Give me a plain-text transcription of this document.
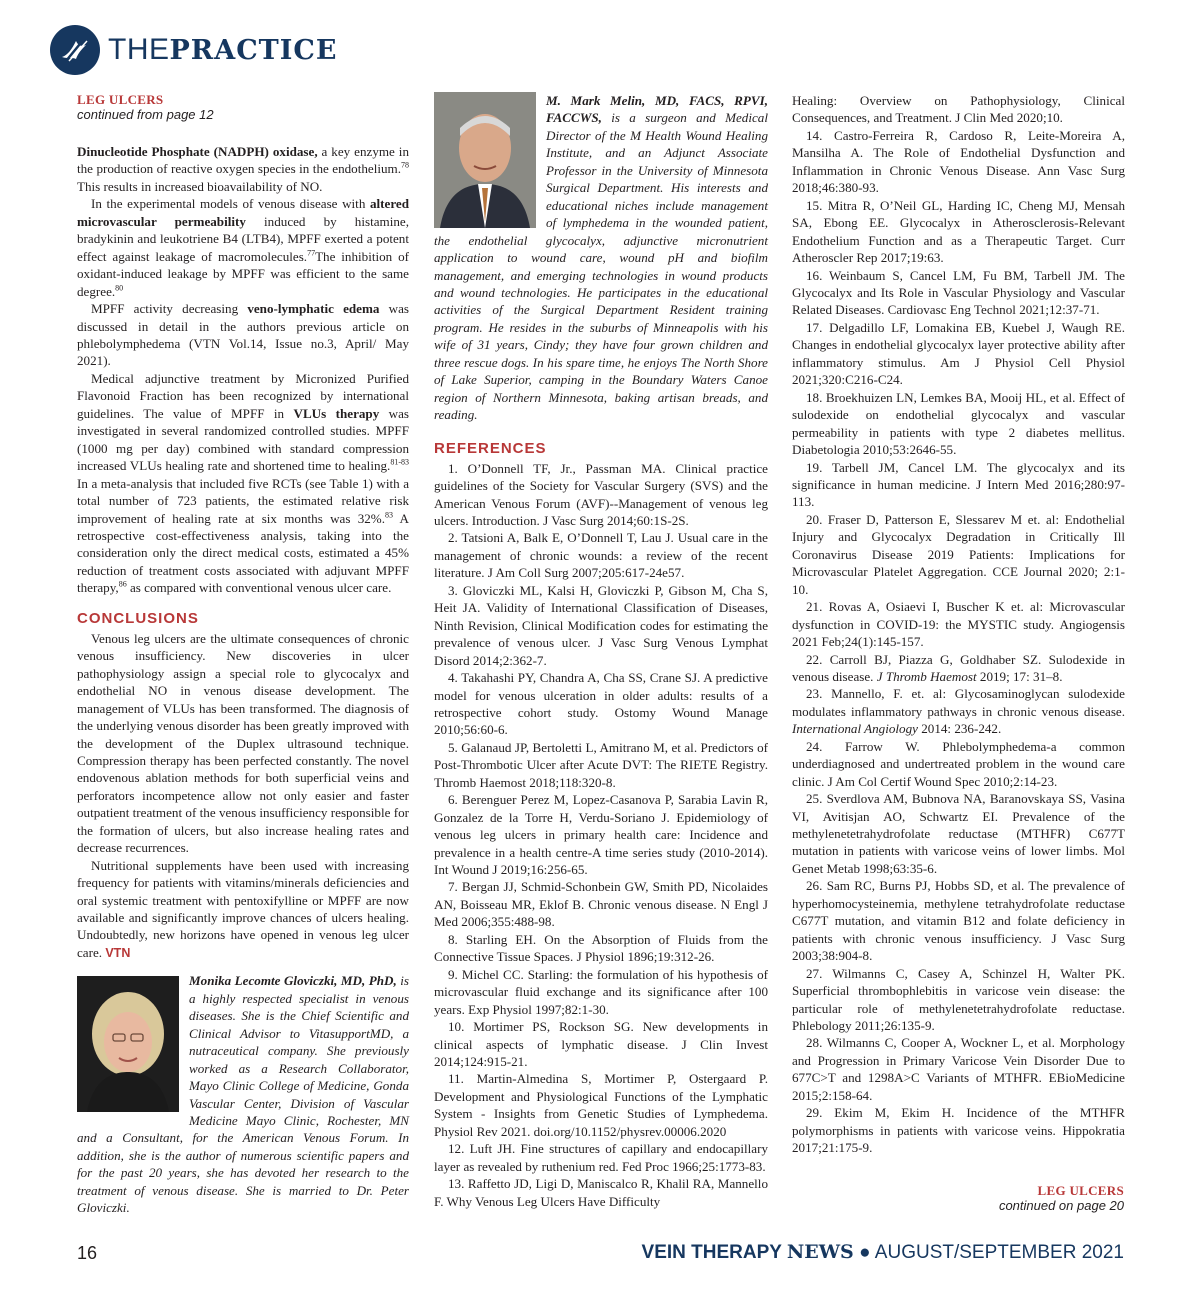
THEPRACTICE
LEG ULCERS
continued from page 12

Dinucleotide Phosphate (NADPH) oxidase, a key enzyme in the production of reactive oxygen species in the endothelium.$^{78}$ This results in increased bioavailability of NO.

In the experimental models of venous disease with altered microvascular permeability induced by histamine, bradykinin and leukotriene B4 (LTB4), MPFF exerted a potent effect against leakage of macromolecules.$^{77}$The inhibition of oxidant-induced leakage by MPFF was efficient to the same degree.$^{80}$

MPFF activity decreasing veno-lymphatic edema was discussed in detail in the authors previous article on phlebolymphedema (VTN Vol.14, Issue no.3, April/ May 2021).

Medical adjunctive treatment by Micronized Purified Flavonoid Fraction has been recognized by international guidelines. The value of MPFF in VLUs therapy was investigated in several randomized controlled studies. MPFF (1000 mg per day) combined with standard compression increased VLUs healing rate and shortened time to healing.$^{81-83}$ In a meta-analysis that included five RCTs (see Table 1) with a total number of 723 patients, the estimated relative risk improvement of healing rate at six months was 32%.$^{83}$ A retrospective cost-effectiveness analysis, taking into the consideration only the direct medical costs, estimated a 45% reduction of treatment costs associated with adjuvant MPFF therapy,$^{86}$ as compared with conventional venous ulcer care.

CONCLUSIONS

Venous leg ulcers are the ultimate consequences of chronic venous insufficiency. New discoveries in ulcer pathophysiology assign a special role to glycocalyx and endothelial NO in venous disease development. The management of VLUs has been transformed. The diagnosis of the underlying venous disorder has been greatly improved with the development of the Duplex ultrasound technique. Compression therapy has been perfected constantly. The novel endovenous ablation methods for both superficial veins and perforators incompetence allow not only easier and faster outpatient treatment of the venous insufficiency responsible for the formation of ulcers, but also increase healing rates and decrease recurrences.

Nutritional supplements have been used with increasing frequency for patients with vitamins/minerals deficiencies and oral systemic treatment with pentoxifylline or MPFF are now available and significantly improve chances of ulcers healing. Undoubtedly, new horizons have opened in venous leg ulcer care. VTN

Monika Lecomte Gloviczki, MD, PhD, is a highly respected specialist in venous diseases. She is the Chief Scientific and Clinical Advisor to VitasupportMD, a nutraceutical company. She previously worked as a Research Collaborator, Mayo Clinic College of Medicine, Gonda Vascular Center, Division of Vascular Medicine Mayo Clinic, Rochester, MN and a Consultant, for the American Venous Forum. In addition, she is the author of numerous scientific papers and for the past 20 years, she has devoted her research to the treatment of venous disease. She is married to Dr. Peter Gloviczki.
M. Mark Melin, MD, FACS, RPVI, FACCWS, is a surgeon and Medical Director of the M Health Wound Healing Institute, and an Adjunct Associate Professor in the University of Minnesota Surgical Department. His interests and educational niches include management of lymphedema in the wounded patient, the endothelial glycocalyx, adjunctive micronutrient application to wound care, wound pH and biofilm management, and emerging technologies in wound products and wound technologies. He participates in the educational activities of the Surgical Department Resident training program. He resides in the suburbs of Minneapolis with his wife of 31 years, Cindy; they have four grown children and three rescue dogs. In his spare time, he enjoys The North Shore of Lake Superior, camping in the Boundary Waters Canoe region of Northern Minnesota, baking artisan breads, and reading.
REFERENCES

1. O’Donnell TF, Jr., Passman MA. Clinical practice guidelines of the Society for Vascular Surgery (SVS) and the American Venous Forum (AVF)--Management of venous leg ulcers. Introduction. J Vasc Surg 2014;60:1S-2S.

2. Tatsioni A, Balk E, O’Donnell T, Lau J. Usual care in the management of chronic wounds: a review of the recent literature. J Am Coll Surg 2007;205:617-24e57.

3. Gloviczki ML, Kalsi H, Gloviczki P, Gibson M, Cha S, Heit JA. Validity of International Classification of Diseases, Ninth Revision, Clinical Modification codes for estimating the prevalence of venous ulcer. J Vasc Surg Venous Lymphat Disord 2014;2:362-7.

4. Takahashi PY, Chandra A, Cha SS, Crane SJ. A predictive model for venous ulceration in older adults: results of a retrospective cohort study. Ostomy Wound Manage 2010;56:60-6.

5. Galanaud JP, Bertoletti L, Amitrano M, et al. Predictors of Post-Thrombotic Ulcer after Acute DVT: The RIETE Registry. Thromb Haemost 2018;118:320-8.

6. Berenguer Perez M, Lopez-Casanova P, Sarabia Lavin R, Gonzalez de la Torre H, Verdu-Soriano J. Epidemiology of venous leg ulcers in primary health care: Incidence and prevalence in a health centre-A time series study (2010-2014). Int Wound J 2019;16:256-65.

7. Bergan JJ, Schmid-Schonbein GW, Smith PD, Nicolaides AN, Boisseau MR, Eklof B. Chronic venous disease. N Engl J Med 2006;355:488-98.

8. Starling EH. On the Absorption of Fluids from the Connective Tissue Spaces. J Physiol 1896;19:312-26.

9. Michel CC. Starling: the formulation of his hypothesis of microvascular fluid exchange and its significance after 100 years. Exp Physiol 1997;82:1-30.

10. Mortimer PS, Rockson SG. New developments in clinical aspects of lymphatic disease. J Clin Invest 2014;124:915-21.

11. Martin-Almedina S, Mortimer P, Ostergaard P. Development and Physiological Functions of the Lymphatic System - Insights from Genetic Studies of Lymphedema. Physiol Rev 2021. doi.org/10.1152/physrev.00006.2020

12. Luft JH. Fine structures of capillary and endocapillary layer as revealed by ruthenium red. Fed Proc 1966;25:1773-83.

13. Raffetto JD, Ligi D, Maniscalco R, Khalil RA, Mannello F. Why Venous Leg Ulcers Have Difficulty

Healing: Overview on Pathophysiology, Clinical Consequences, and Treatment. J Clin Med 2020;10.

14. Castro-Ferreira R, Cardoso R, Leite-Moreira A, Mansilha A. The Role of Endothelial Dysfunction and Inflammation in Chronic Venous Disease. Ann Vasc Surg 2018;46:380-93.

15. Mitra R, O’Neil GL, Harding IC, Cheng MJ, Mensah SA, Ebong EE. Glycocalyx in Atherosclerosis-Relevant Endothelium Function and as a Therapeutic Target. Curr Atheroscler Rep 2017;19:63.

16. Weinbaum S, Cancel LM, Fu BM, Tarbell JM. The Glycocalyx and Its Role in Vascular Physiology and Vascular Related Diseases. Cardiovasc Eng Technol 2021;12:37-71.

17. Delgadillo LF, Lomakina EB, Kuebel J, Waugh RE. Changes in endothelial glycocalyx layer protective ability after inflammatory stimulus. Am J Physiol Cell Physiol 2021;320:C216-C24.

18. Broekhuizen LN, Lemkes BA, Mooij HL, et al. Effect of sulodexide on endothelial glycocalyx and vascular permeability in patients with type 2 diabetes mellitus. Diabetologia 2010;53:2646-55.

19. Tarbell JM, Cancel LM. The glycocalyx and its significance in human medicine. J Intern Med 2016;280:97-113.

20. Fraser D, Patterson E, Slessarev M et. al: Endothelial Injury and Glycocalyx Degradation in Critically Ill Coronavirus Disease 2019 Patients: Implications for Microvascular Platelet Aggregation. CCE Journal 2020; 2:1-10.

21. Rovas A, Osiaevi I, Buscher K et. al: Microvascular dysfunction in COVID-19: the MYSTIC study. Angiogensis 2021 Feb;24(1):145-157.

22. Carroll BJ, Piazza G, Goldhaber SZ. Sulodexide in venous disease. J Thromb Haemost 2019; 17: 31–8.

23. Mannello, F. et. al: Glycosaminoglycan sulodexide modulates inflammatory pathways in chronic venous disease. International Angiology 2014: 236-242.

24. Farrow W. Phlebolymphedema-a common underdiagnosed and undertreated problem in the wound care clinic. J Am Col Certif Wound Spec 2010;2:14-23.

25. Sverdlova AM, Bubnova NA, Baranovskaya SS, Vasina VI, Avitisjan AO, Schwartz EI. Prevalence of the methylenetetrahydrofolate reductase (MTHFR) C677T mutation in patients with varicose veins of lower limbs. Mol Genet Metab 1998;63:35-6.

26. Sam RC, Burns PJ, Hobbs SD, et al. The prevalence of hyperhomocysteinemia, methylene tetrahydrofolate reductase C677T mutation, and vitamin B12 and folate deficiency in patients with chronic venous insufficiency. J Vasc Surg 2003;38:904-8.

27. Wilmanns C, Casey A, Schinzel H, Walter PK. Superficial thrombophlebitis in varicose vein disease: the particular role of methylenetetrahydrofolate reductase. Phlebology 2011;26:135-9.

28. Wilmanns C, Cooper A, Wockner L, et al. Morphology and Progression in Primary Varicose Vein Disorder Due to 677C>T and 1298A>C Variants of MTHFR. EBioMedicine 2015;2:158-64.

29. Ekim M, Ekim H. Incidence of the MTHFR polymorphisms in patients with varicose veins. Hippokratia 2017;21:175-9.

LEG ULCERS
continued on page 20
16	VEIN THERAPY NEWS ● AUGUST/SEPTEMBER 2021
